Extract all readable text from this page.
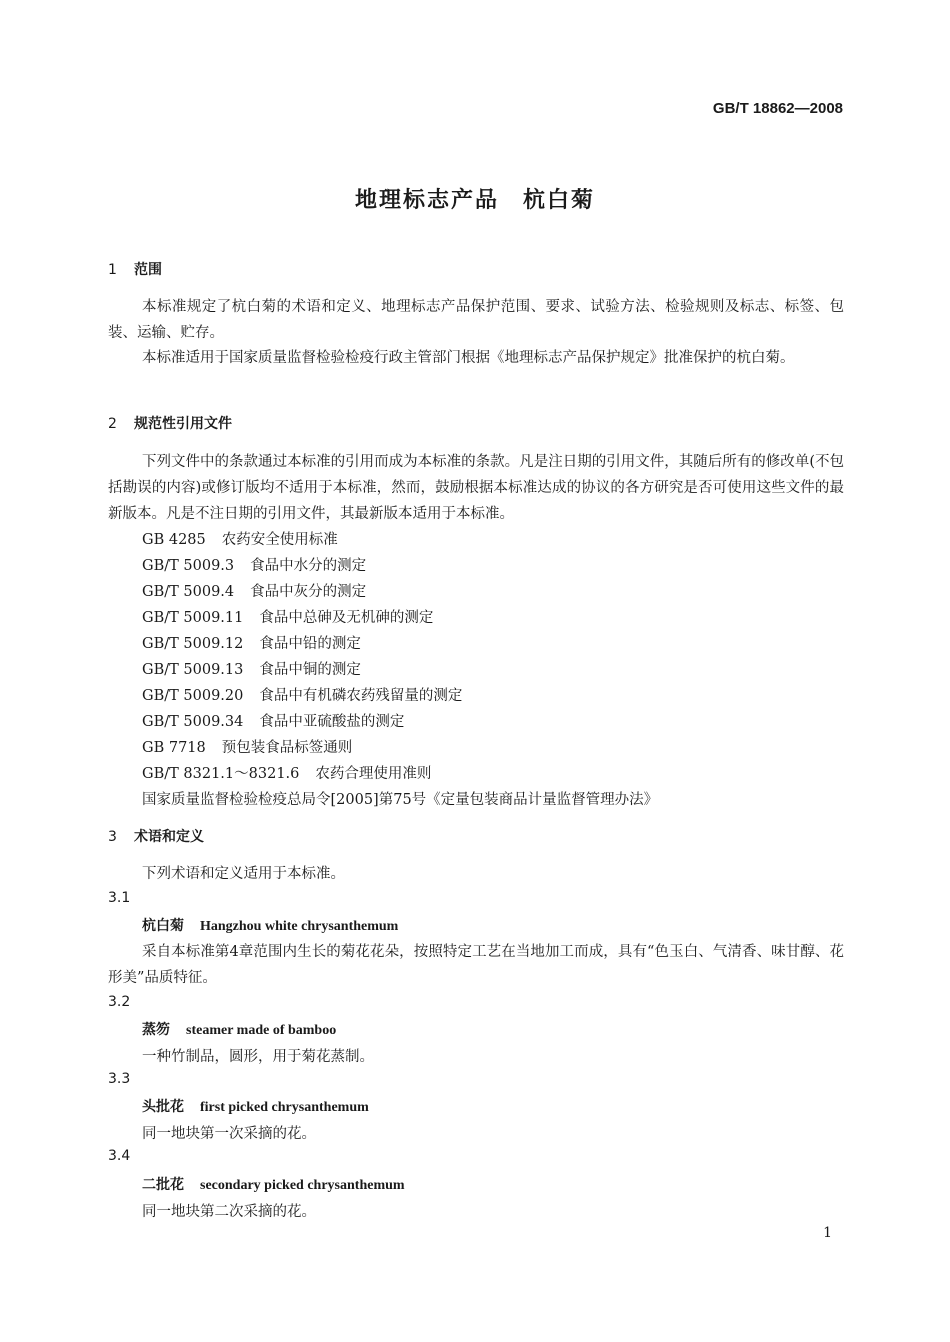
GB/T 18862—2008
地理标志产品　杭白菊
1 范围
本标准规定了杭白菊的术语和定义、地理标志产品保护范围、要求、试验方法、检验规则及标志、标签、包装、运输、贮存。
本标准适用于国家质量监督检验检疫行政主管部门根据《地理标志产品保护规定》批准保护的杭白菊。
2 规范性引用文件
下列文件中的条款通过本标准的引用而成为本标准的条款。凡是注日期的引用文件，其随后所有的修改单(不包括勘误的内容)或修订版均不适用于本标准，然而，鼓励根据本标准达成的协议的各方研究是否可使用这些文件的最新版本。凡是不注日期的引用文件，其最新版本适用于本标准。
GB 4285 农药安全使用标准
GB/T 5009.3 食品中水分的测定
GB/T 5009.4 食品中灰分的测定
GB/T 5009.11 食品中总砷及无机砷的测定
GB/T 5009.12 食品中铅的测定
GB/T 5009.13 食品中铜的测定
GB/T 5009.20 食品中有机磷农药残留量的测定
GB/T 5009.34 食品中亚硫酸盐的测定
GB 7718 预包装食品标签通则
GB/T 8321.1～8321.6 农药合理使用准则
国家质量监督检验检疫总局令[2005]第75号《定量包装商品计量监督管理办法》
3 术语和定义
下列术语和定义适用于本标准。
3.1
杭白菊 Hangzhou white chrysanthemum
采自本标准第4章范围内生长的菊花花朵，按照特定工艺在当地加工而成，具有“色玉白、气清香、味甘醇、花形美”品质特征。
3.2
蒸笏 steamer made of bamboo
一种竹制品，圆形，用于菊花蒸制。
3.3
头批花 first picked chrysanthemum
同一地块第一次采摘的花。
3.4
二批花 secondary picked chrysanthemum
同一地块第二次采摘的花。
1
